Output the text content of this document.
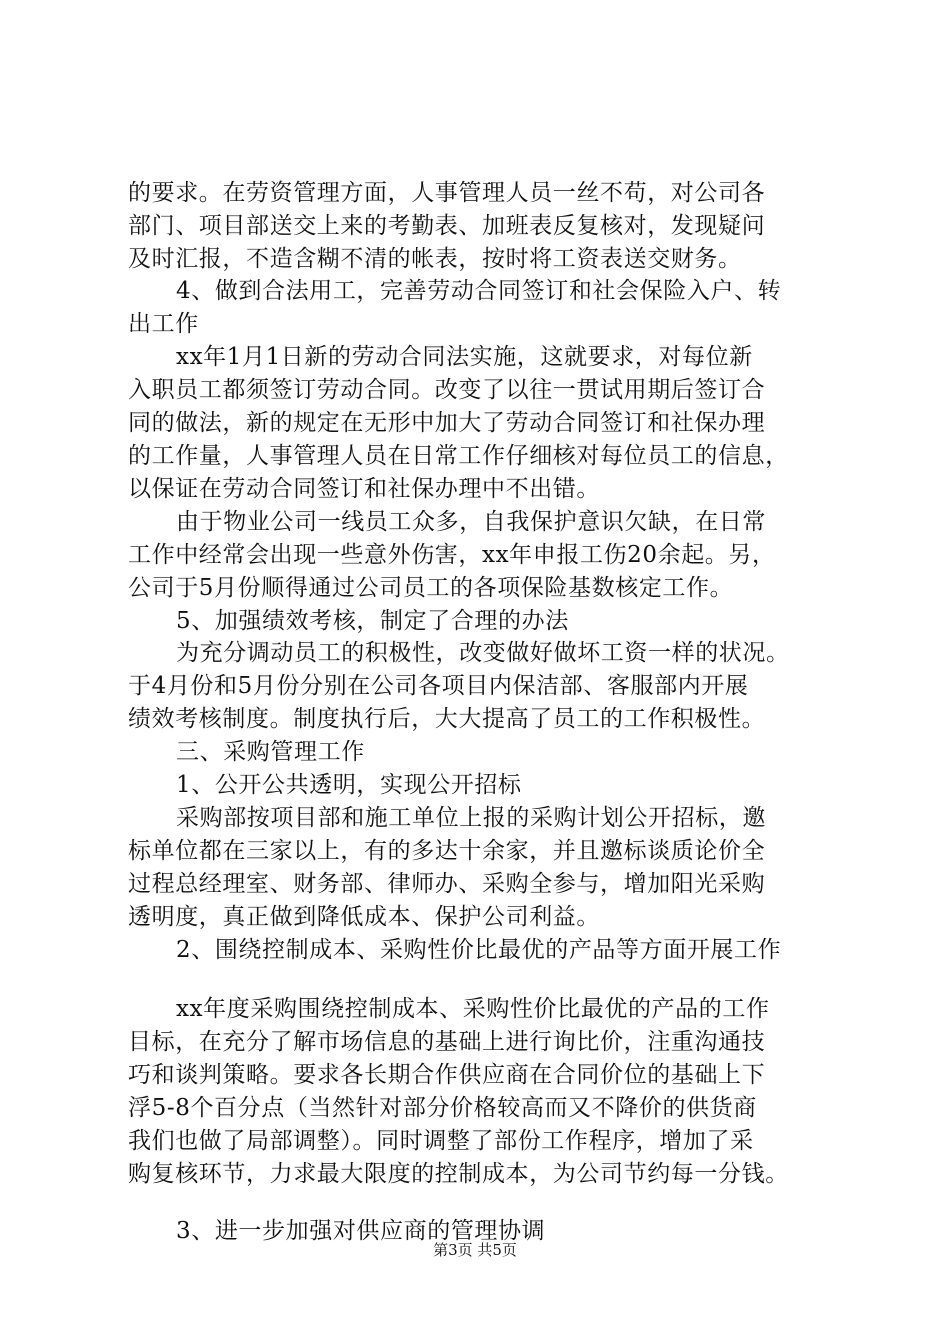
的要求。在劳资管理方面，人事管理人员一丝不苟，对公司各
部门、项目部送交上来的考勤表、加班表反复核对，发现疑问
及时汇报，不造含糊不清的帐表，按时将工资表送交财务。
4、做到合法用工，完善劳动合同签订和社会保险入户、转
出工作
xx年1月1日新的劳动合同法实施，这就要求，对每位新
入职员工都须签订劳动合同。改变了以往一贯试用期后签订合
同的做法，新的规定在无形中加大了劳动合同签订和社保办理
的工作量，人事管理人员在日常工作仔细核对每位员工的信息，
以保证在劳动合同签订和社保办理中不出错。
由于物业公司一线员工众多，自我保护意识欠缺，在日常
工作中经常会出现一些意外伤害，xx年申报工伤20余起。另，
公司于5月份顺得通过公司员工的各项保险基数核定工作。
5、加强绩效考核，制定了合理的办法
为充分调动员工的积极性，改变做好做坏工资一样的状况。
于4月份和5月份分别在公司各项目内保洁部、客服部内开展
绩效考核制度。制度执行后，大大提高了员工的工作积极性。
三、采购管理工作
1、公开公共透明，实现公开招标
采购部按项目部和施工单位上报的采购计划公开招标，邀
标单位都在三家以上，有的多达十余家，并且邀标谈质论价全
过程总经理室、财务部、律师办、采购全参与，增加阳光采购
透明度，真正做到降低成本、保护公司利益。
2、围绕控制成本、采购性价比最优的产品等方面开展工作
xx年度采购围绕控制成本、采购性价比最优的产品的工作
目标，在充分了解市场信息的基础上进行询比价，注重沟通技
巧和谈判策略。要求各长期合作供应商在合同价位的基础上下
浮5-8个百分点（当然针对部分价格较高而又不降价的供货商
我们也做了局部调整）。同时调整了部份工作程序，增加了采
购复核环节，力求最大限度的控制成本，为公司节约每一分钱。
3、进一步加强对供应商的管理协调
第3页 共5页
